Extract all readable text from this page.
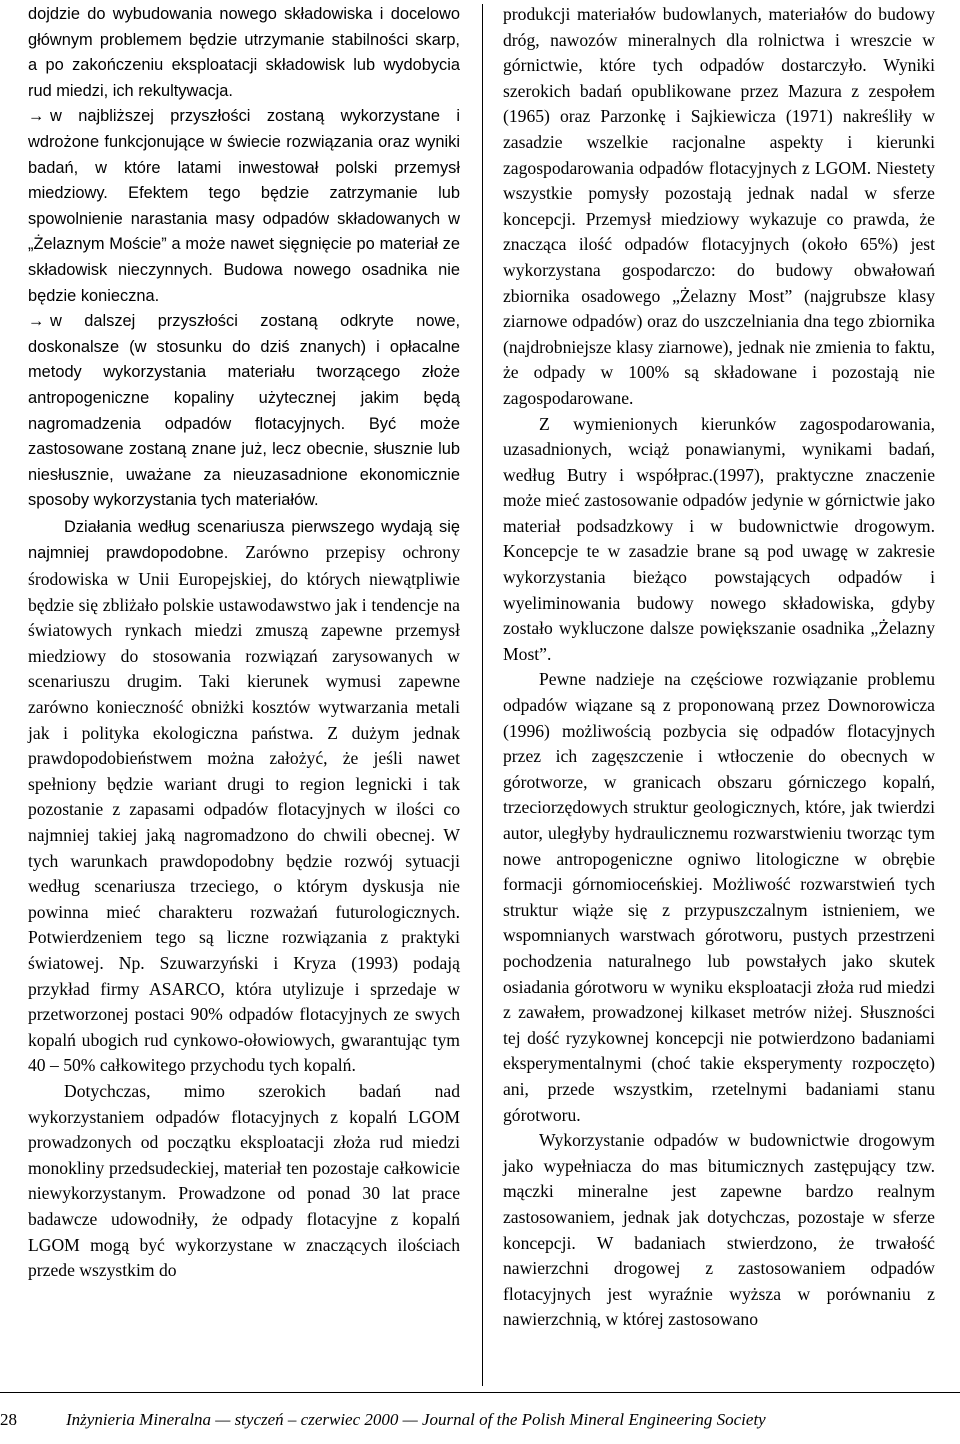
dojdzie do wybudowania nowego składowiska i docelowo głównym problemem będzie utrzymanie stabilności skarp, a po zakończeniu eksploatacji składowisk lub wydobycia rud miedzi, ich rekultywacja.

→ w najbliższej przyszłości zostaną wykorzystane i wdrożone funkcjonujące w świecie rozwiązania oraz wyniki badań, w które latami inwestował polski przemysł miedziowy. Efektem tego będzie zatrzymanie lub spowolnienie narastania masy odpadów składowanych w „Żelaznym Moście” a może nawet sięgnięcie po materiał ze składowisk nieczynnych. Budowa nowego osadnika nie będzie konieczna.

→ w dalszej przyszłości zostaną odkryte nowe, doskonalsze (w stosunku do dziś znanych) i opłacalne metody wykorzystania materiału tworzącego złoże antropogeniczne kopaliny użytecznej jakim będą nagromadzenia odpadów flotacyjnych. Być może zastosowane zostaną znane już, lecz obecnie, słusznie lub niesłusznie, uważane za nieuzasadnione ekonomicznie sposoby wykorzystania tych materiałów.

Działania według scenariusza pierwszego wydają się najmniej prawdopodobne. Zarówno przepisy ochrony środowiska w Unii Europejskiej, do których niewątpliwie będzie się zbliżało polskie ustawodawstwo jak i tendencje na światowych rynkach miedzi zmuszą zapewne przemysł miedziowy do stosowania rozwiązań zarysowanych w scenariuszu drugim. Taki kierunek wymusi zapewne zarówno konieczność obniżki kosztów wytwarzania metali jak i polityka ekologiczna państwa. Z dużym jednak prawdopodobieństwem można założyć, że jeśli nawet spełniony będzie wariant drugi to region legnicki i tak pozostanie z zapasami odpadów flotacyjnych w ilości co najmniej takiej jaką nagromadzono do chwili obecnej. W tych warunkach prawdopodobny będzie rozwój sytuacji według scenariusza trzeciego, o którym dyskusja nie powinna mieć charakteru rozważań futurologicznych. Potwierdzeniem tego są liczne rozwiązania z praktyki światowej. Np. Szuwarzyński i Kryza (1993) podają przykład firmy ASARCO, która utylizuje i sprzedaje w przetworzonej postaci 90% odpadów flotacyjnych ze swych kopalń ubogich rud cynkowo-ołowiowych, gwarantując tym 40 – 50% całkowitego przychodu tych kopalń.

Dotychczas, mimo szerokich badań nad wykorzystaniem odpadów flotacyjnych z kopalń LGOM prowadzonych od początku eksploatacji złoża rud miedzi monokliny przedsudeckiej, materiał ten pozostaje całkowicie niewykorzystanym. Prowadzone od ponad 30 lat prace badawcze udowodniły, że odpady flotacyjne z kopalń LGOM mogą być wykorzystane w znaczących ilościach przede wszystkim do

produkcji materiałów budowlanych, materiałów do budowy dróg, nawozów mineralnych dla rolnictwa i wreszcie w górnictwie, które tych odpadów dostarczyło. Wyniki szerokich badań opublikowane przez Mazura z zespołem (1965) oraz Parzonkę i Sajkiewicza (1971) nakreśliły w zasadzie wszelkie racjonalne aspekty i kierunki zagospodarowania odpadów flotacyjnych z LGOM. Niestety wszystkie pomysły pozostają jednak nadal w sferze koncepcji. Przemysł miedziowy wykazuje co prawda, że znacząca ilość odpadów flotacyjnych (około 65%) jest wykorzystana gospodarczo: do budowy obwałowań zbiornika osadowego „Żelazny Most” (najgrubsze klasy ziarnowe odpadów) oraz do uszczelniania dna tego zbiornika (najdrobniejsze klasy ziarnowe), jednak nie zmienia to faktu, że odpady w 100% są składowane i pozostają nie zagospodarowane.

Z wymienionych kierunków zagospodarowania, uzasadnionych, wciąż ponawianymi, wynikami badań, według Butry i współprac.(1997), praktyczne znaczenie może mieć zastosowanie odpadów jedynie w górnictwie jako materiał podsadzkowy i w budownictwie drogowym. Koncepcje te w zasadzie brane są pod uwagę w zakresie wykorzystania bieżąco powstających odpadów i wyeliminowania budowy nowego składowiska, gdyby zostało wykluczone dalsze powiększanie osadnika „Żelazny Most”.

Pewne nadzieje na częściowe rozwiązanie problemu odpadów wiązane są z proponowaną przez Downorowicza (1996) możliwością pozbycia się odpadów flotacyjnych przez ich zagęszczenie i wtłoczenie do obecnych w górotworze, w granicach obszaru górniczego kopalń, trzeciorzędowych struktur geologicznych, które, jak twierdzi autor, uległyby hydraulicznemu rozwarstwieniu tworząc tym nowe antropogeniczne ogniwo litologiczne w obrębie formacji górnomioceńskiej. Możliwość rozwarstwień tych struktur wiąże się z przypuszczalnym istnieniem, we wspomnianych warstwach górotworu, pustych przestrzeni pochodzenia naturalnego lub powstałych jako skutek osiadania górotworu w wyniku eksploatacji złoża rud miedzi z zawałem, prowadzonej kilkaset metrów niżej. Słuszności tej dość ryzykownej koncepcji nie potwierdzono badaniami eksperymentalnymi (choć takie eksperymenty rozpoczęto) ani, przede wszystkim, rzetelnymi badaniami stanu górotworu.

Wykorzystanie odpadów w budownictwie drogowym jako wypełniacza do mas bitumicznych zastępujący tzw. mączki mineralne jest zapewne bardzo realnym zastosowaniem, jednak jak dotychczas, pozostaje w sferze koncepcji. W badaniach stwierdzono, że trwałość nawierzchni drogowej z zastosowaniem odpadów flotacyjnych jest wyraźnie wyższa w porównaniu z nawierzchnią, w której zastosowano

28	Inżynieria Mineralna — styczeń – czerwiec 2000 — Journal of the Polish Mineral Engineering Society
